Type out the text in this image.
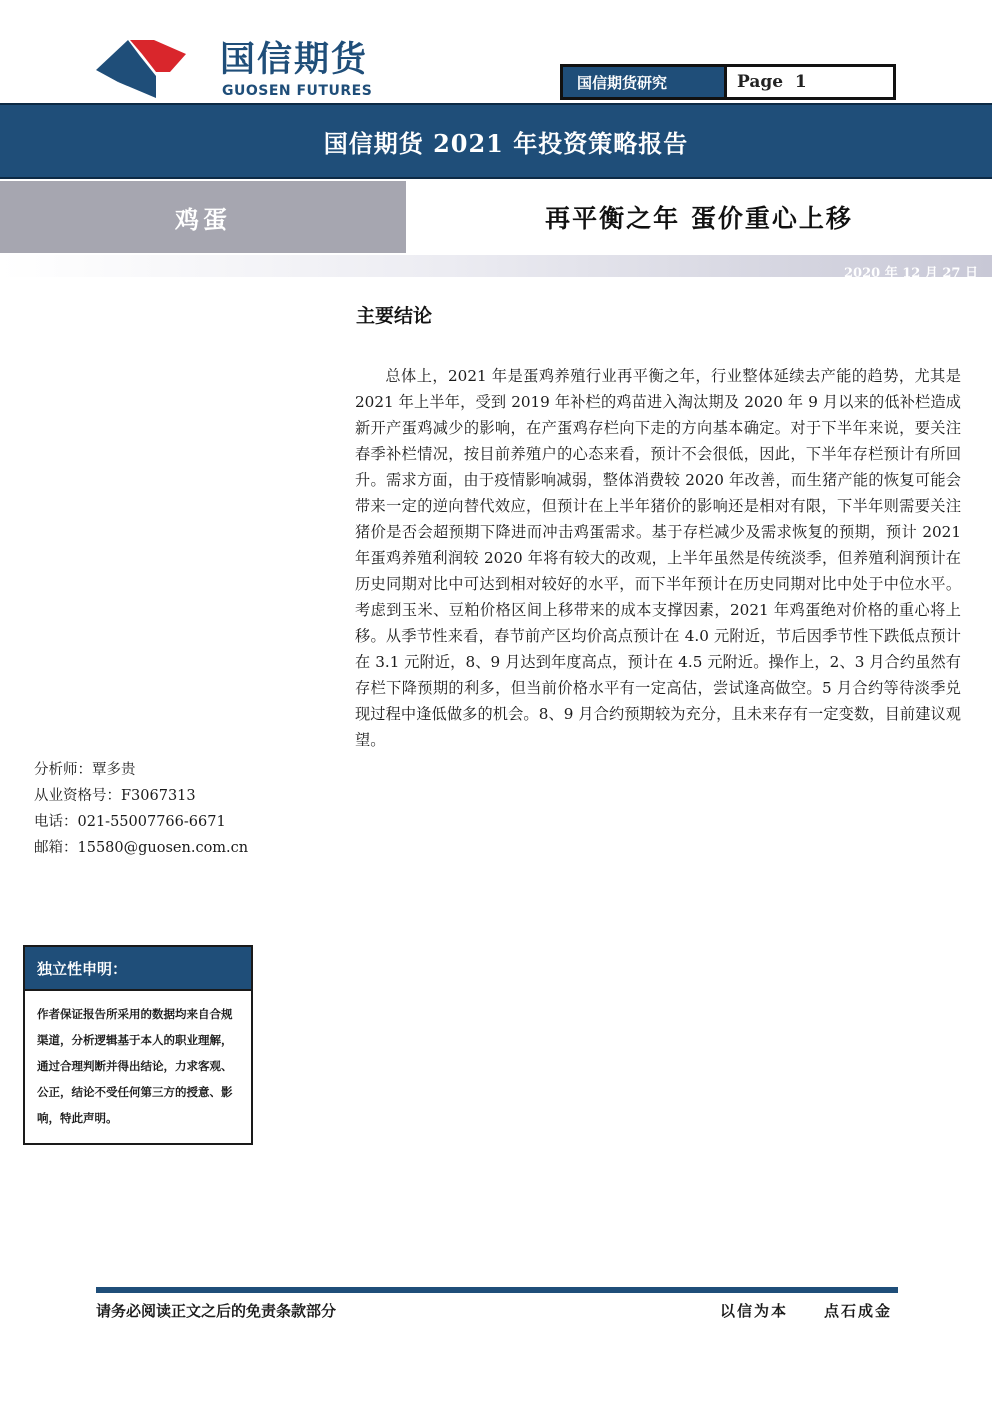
国信期货
GUOSEN FUTURES	国信期货研究	Page  1
国信期货 2021 年投资策略报告
鸡蛋	再平衡之年 蛋价重心上移
2020 年 12 月 27 日
主要结论
总体上，2021 年是蛋鸡养殖行业再平衡之年，行业整体延续去产能的趋势，尤其是 2021 年上半年，受到 2019 年补栏的鸡苗进入淘汰期及 2020 年 9 月以来的低补栏造成新开产蛋鸡减少的影响，在产蛋鸡存栏向下走的方向基本确定。对于下半年来说，要关注春季补栏情况，按目前养殖户的心态来看，预计不会很低，因此，下半年存栏预计有所回升。需求方面，由于疫情影响减弱，整体消费较 2020 年改善，而生猪产能的恢复可能会带来一定的逆向替代效应，但预计在上半年猪价的影响还是相对有限，下半年则需要关注猪价是否会超预期下降进而冲击鸡蛋需求。基于存栏减少及需求恢复的预期，预计 2021 年蛋鸡养殖利润较 2020 年将有较大的改观，上半年虽然是传统淡季，但养殖利润预计在历史同期对比中可达到相对较好的水平，而下半年预计在历史同期对比中处于中位水平。考虑到玉米、豆粕价格区间上移带来的成本支撑因素，2021 年鸡蛋绝对价格的重心将上移。从季节性来看，春节前产区均价高点预计在 4.0 元附近，节后因季节性下跌低点预计在 3.1 元附近，8、9 月达到年度高点，预计在 4.5 元附近。操作上，2、3 月合约虽然有存栏下降预期的利多，但当前价格水平有一定高估，尝试逢高做空。5 月合约等待淡季兑现过程中逢低做多的机会。8、9 月合约预期较为充分，且未来存有一定变数，目前建议观望。
分析师：覃多贵
从业资格号：F3067313
电话：021-55007766-6671
邮箱：15580@guosen.com.cn
独立性申明：
作者保证报告所采用的数据均来自合规渠道，分析逻辑基于本人的职业理解，通过合理判断并得出结论，力求客观、公正，结论不受任何第三方的授意、影响，特此声明。
请务必阅读正文之后的免责条款部分	以信为本 点石成金
